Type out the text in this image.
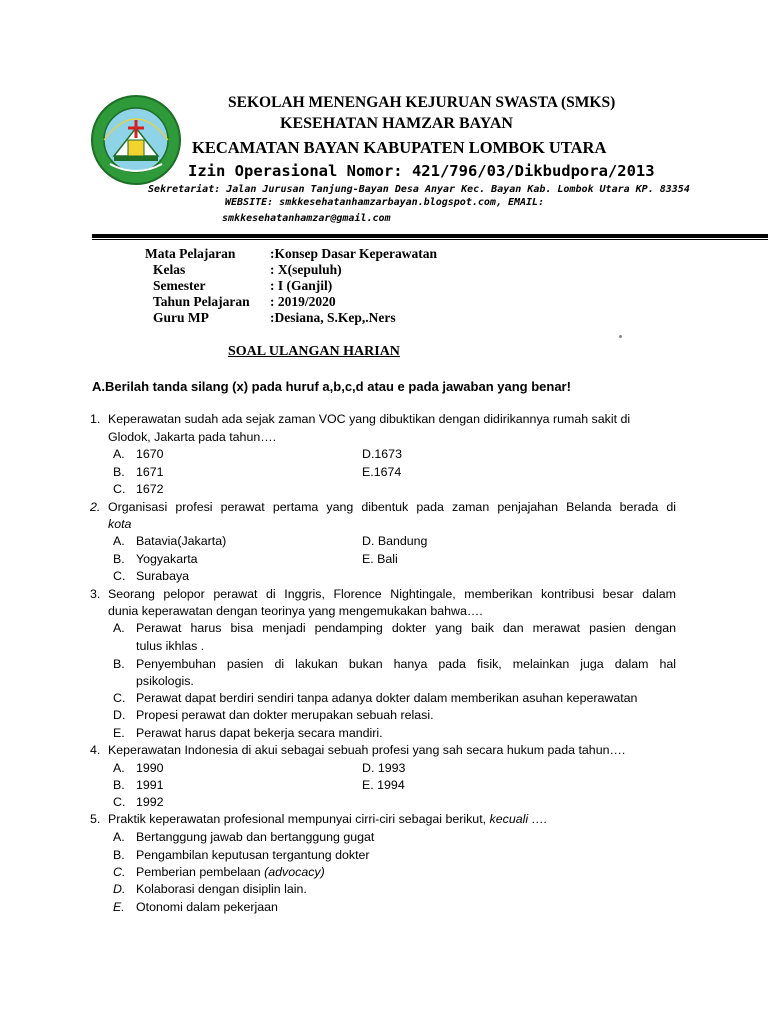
SEKOLAH MENENGAH KEJURUAN SWASTA (SMKS)
KESEHATAN HAMZAR BAYAN
KECAMATAN BAYAN KABUPATEN LOMBOK UTARA
Izin Operasional Nomor: 421/796/03/Dikbudpora/2013
Sekretariat: Jalan Jurusan Tanjung-Bayan Desa Anyar Kec. Bayan Kab. Lombok Utara KP. 83354
WEBSITE: smkkesehatanhamzarbayan.blogspot.com, EMAIL:
smkkesehatanhamzar@gmail.com
Mata Pelajaran	:Konsep Dasar Keperawatan
Kelas	: X(sepuluh)
Semester	: I (Ganjil)
Tahun Pelajaran : 2019/2020
Guru MP	:Desiana, S.Kep,.Ners
SOAL ULANGAN HARIAN
A.Berilah tanda silang (x) pada huruf a,b,c,d atau e pada jawaban yang benar!
1. Keperawatan sudah ada sejak zaman VOC yang dibuktikan dengan didirikannya rumah sakit di
Glodok, Jakarta pada tahun….
A. 1670	D.1673
B. 1671	E.1674
C. 1672
2. Organisasi profesi perawat pertama yang dibentuk pada zaman penjajahan Belanda berada di
kota
A. Batavia(Jakarta)	D. Bandung
B. Yogyakarta	E. Bali
C. Surabaya
3. Seorang pelopor perawat di Inggris, Florence Nightingale, memberikan kontribusi besar dalam
dunia keperawatan dengan teorinya yang mengemukakan bahwa….
A. Perawat harus bisa menjadi pendamping dokter yang baik dan merawat pasien dengan
tulus ikhlas .
B. Penyembuhan pasien di lakukan bukan hanya pada fisik, melainkan juga dalam hal
psikologis.
C. Perawat dapat berdiri sendiri tanpa adanya dokter dalam memberikan asuhan keperawatan
D. Propesi perawat dan dokter merupakan sebuah relasi.
E. Perawat harus dapat bekerja secara mandiri.
4. Keperawatan Indonesia di akui sebagai sebuah profesi yang sah secara hukum pada tahun….
A. 1990	D. 1993
B. 1991	E. 1994
C. 1992
5. Praktik keperawatan profesional mempunyai cirri-ciri sebagai berikut, kecuali ….
A. Bertanggung jawab dan bertanggung gugat
B. Pengambilan keputusan tergantung dokter
C. Pemberian pembelaan (advocacy)
D. Kolaborasi dengan disiplin lain.
E. Otonomi dalam pekerjaan
